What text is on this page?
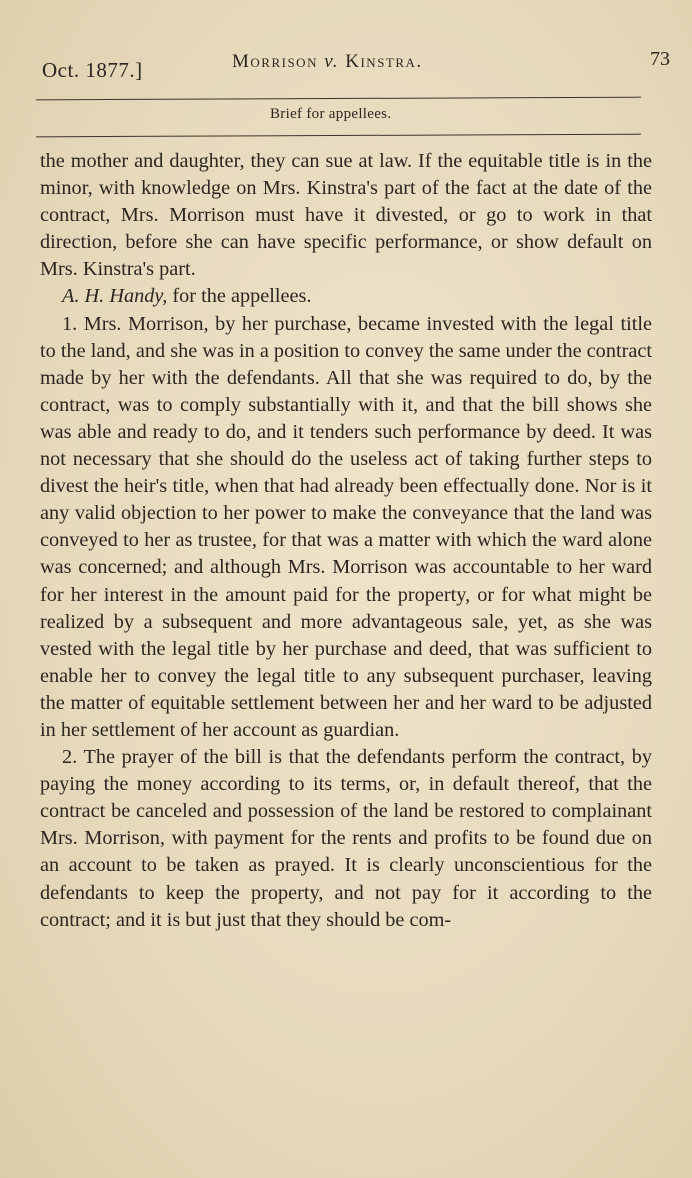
Oct. 1877.]	Morrison v. Kinstra.	73
Brief for appellees.

the mother and daughter, they can sue at law. If the equitable title is in the minor, with knowledge on Mrs. Kinstra's part of the fact at the date of the contract, Mrs. Morrison must have it divested, or go to work in that direction, before she can have specific performance, or show default on Mrs. Kinstra's part.

A. H. Handy, for the appellees.

1. Mrs. Morrison, by her purchase, became invested with the legal title to the land, and she was in a position to convey the same under the contract made by her with the defendants. All that she was required to do, by the contract, was to comply substantially with it, and that the bill shows she was able and ready to do, and it tenders such performance by deed. It was not necessary that she should do the useless act of taking further steps to divest the heir's title, when that had already been effectually done. Nor is it any valid objection to her power to make the conveyance that the land was conveyed to her as trustee, for that was a matter with which the ward alone was concerned; and although Mrs. Morrison was accountable to her ward for her interest in the amount paid for the property, or for what might be realized by a subsequent and more advantageous sale, yet, as she was vested with the legal title by her purchase and deed, that was sufficient to enable her to convey the legal title to any subsequent purchaser, leaving the matter of equitable settlement between her and her ward to be adjusted in her settlement of her account as guardian.

2. The prayer of the bill is that the defendants perform the contract, by paying the money according to its terms, or, in default thereof, that the contract be canceled and possession of the land be restored to complainant Mrs. Morrison, with payment for the rents and profits to be found due on an account to be taken as prayed. It is clearly unconscientious for the defendants to keep the property, and not pay for it according to the contract; and it is but just that they should be com-
